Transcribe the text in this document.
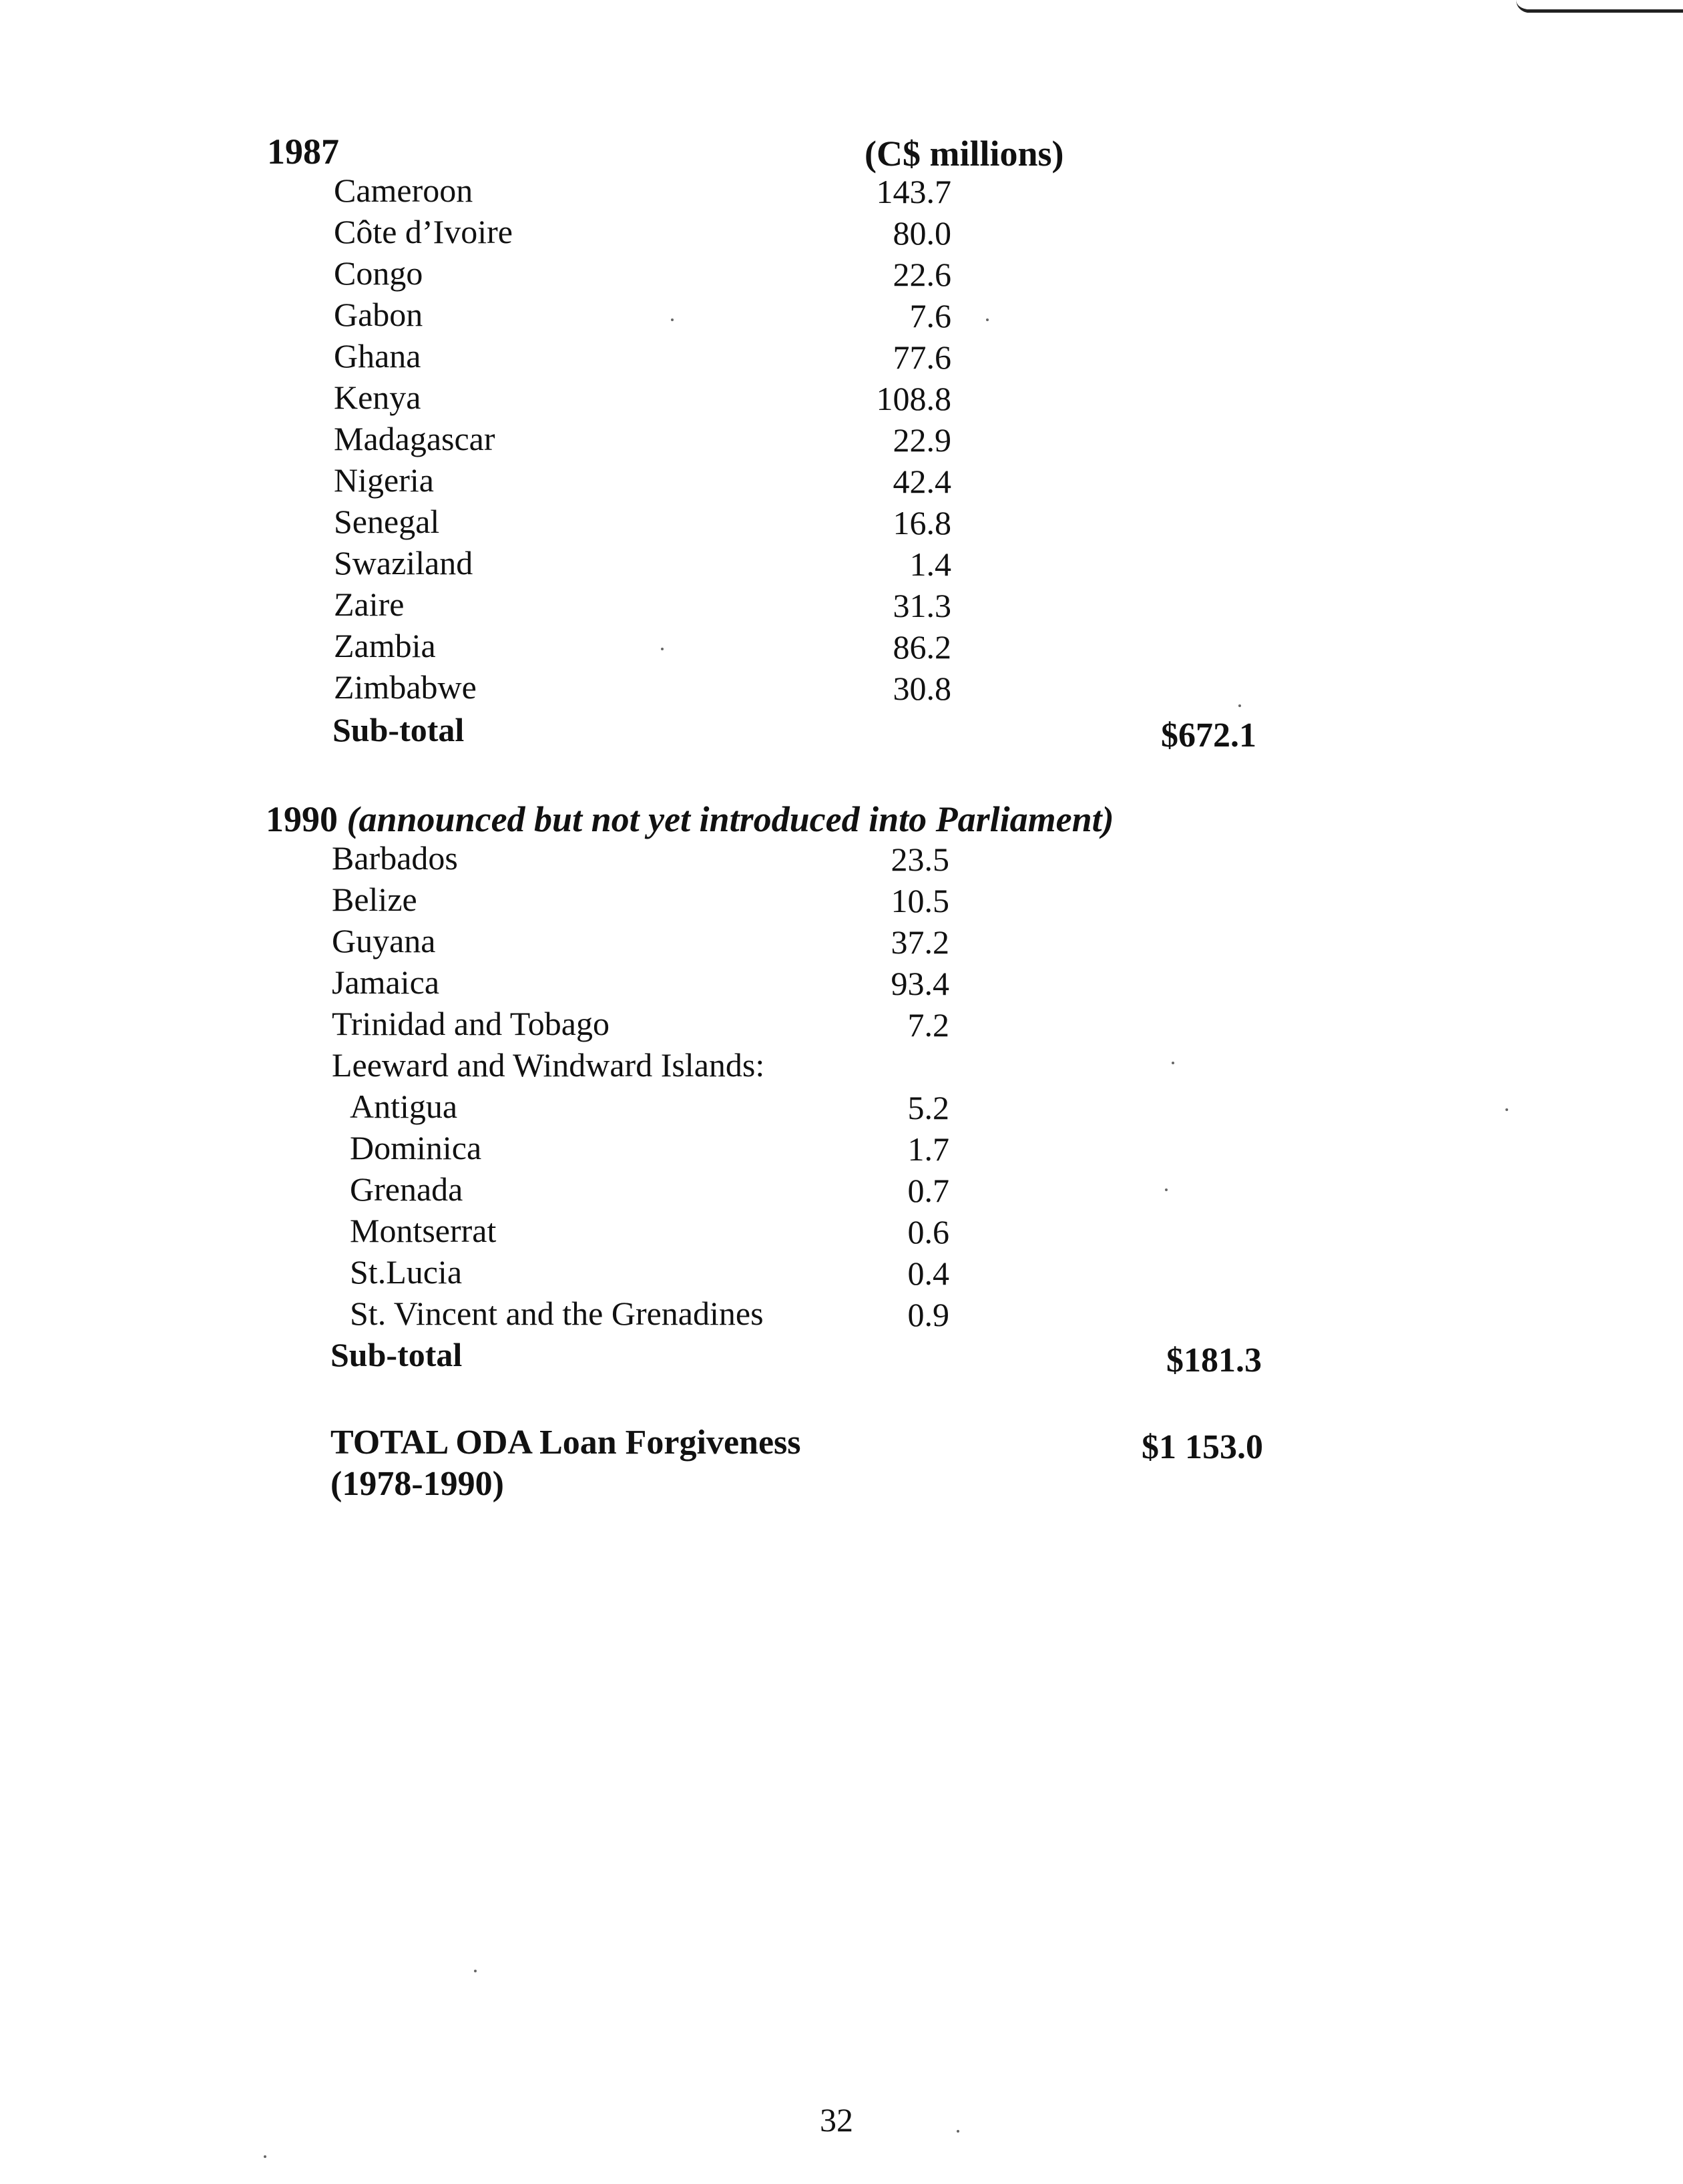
1987	(C$ millions)
Cameroon	143.7
Côte d’Ivoire	80.0
Congo	22.6
Gabon	7.6
Ghana	77.6
Kenya	108.8
Madagascar	22.9
Nigeria	42.4
Senegal	16.8
Swaziland	1.4
Zaire	31.3
Zambia	86.2
Zimbabwe	30.8
Sub-total	$672.1
1990 (announced but not yet introduced into Parliament)
Barbados	23.5
Belize	10.5
Guyana	37.2
Jamaica	93.4
Trinidad and Tobago	7.2
Leeward and Windward Islands:
Antigua	5.2
Dominica	1.7
Grenada	0.7
Montserrat	0.6
St.Lucia	0.4
St. Vincent and the Grenadines	0.9
Sub-total	$181.3
TOTAL ODA Loan Forgiveness
(1978-1990)
$1 153.0
32
